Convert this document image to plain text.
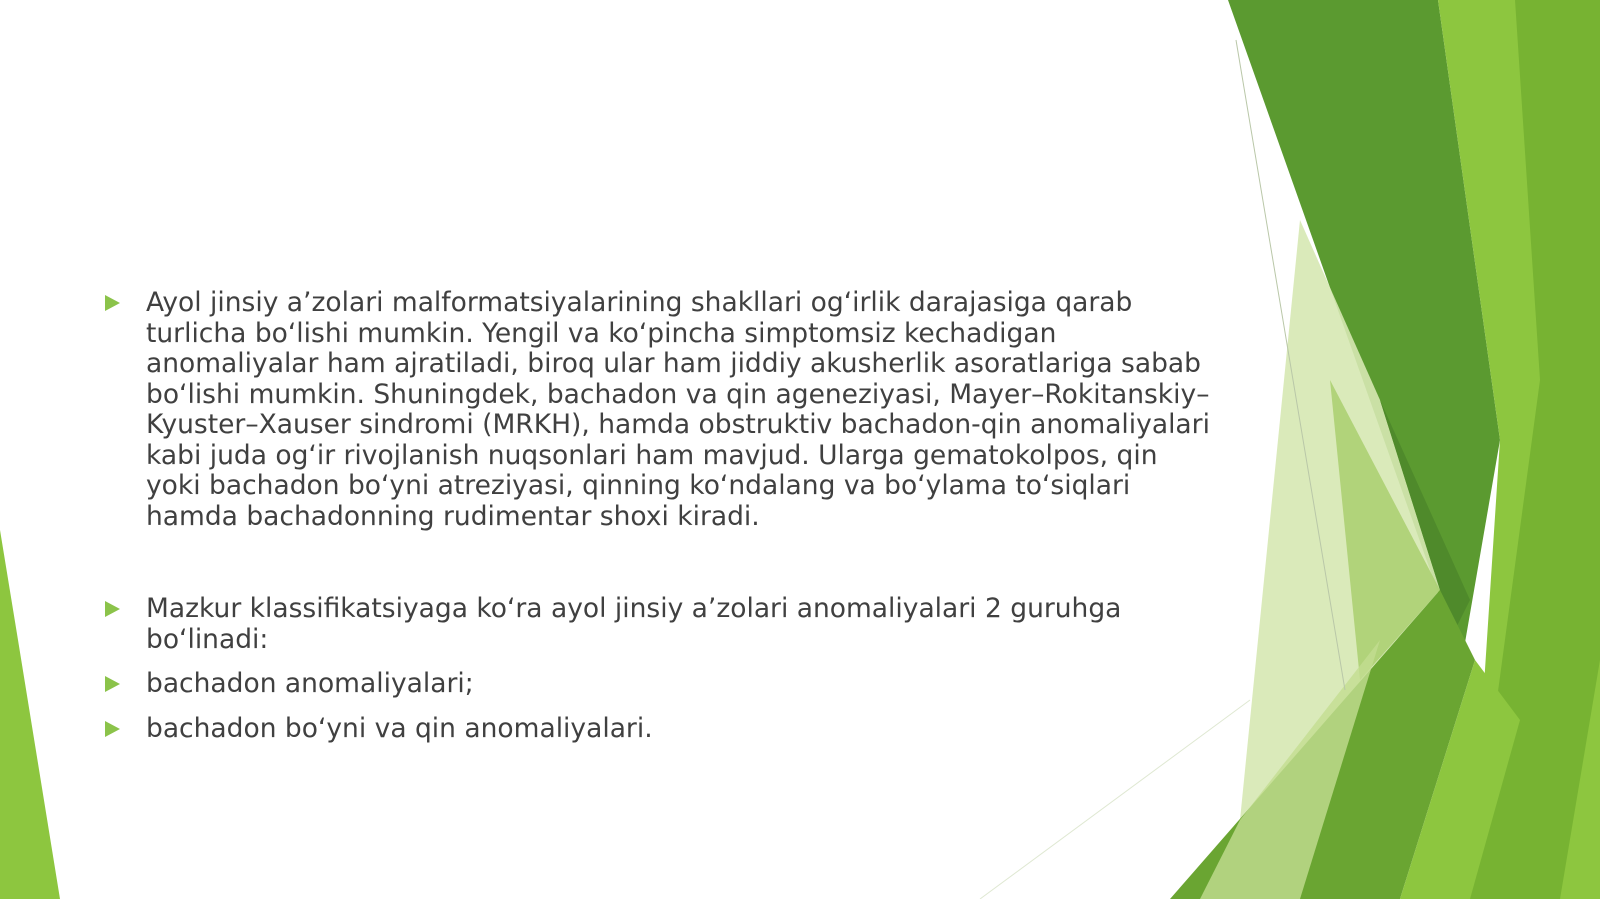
Ayol jinsiy a’zolari malformatsiyalarining shakllari og‘irlik darajasiga qarab turlicha bo‘lishi mumkin. Yengil va ko‘pincha simptomsiz kechadigan anomaliyalar ham ajratiladi, biroq ular ham jiddiy akusherlik asoratlariga sabab bo‘lishi mumkin. Shuningdek, bachadon va qin ageneziyasi, Mayer–Rokitanskiy–Kyuster–Xauser sindromi (MRKH), hamda obstruktiv bachadon-qin anomaliyalari kabi juda og‘ir rivojlanish nuqsonlari ham mavjud. Ularga gematokolpos, qin yoki bachadon bo‘yni atreziyasi, qinning ko‘ndalang va bo‘ylama to‘siqlari hamda bachadonning rudimentar shoxi kiradi.
Mazkur klassifikatsiyaga ko‘ra ayol jinsiy a’zolari anomaliyalari 2 guruhga bo‘linadi:
bachadon anomaliyalari;
bachadon bo‘yni va qin anomaliyalari.
